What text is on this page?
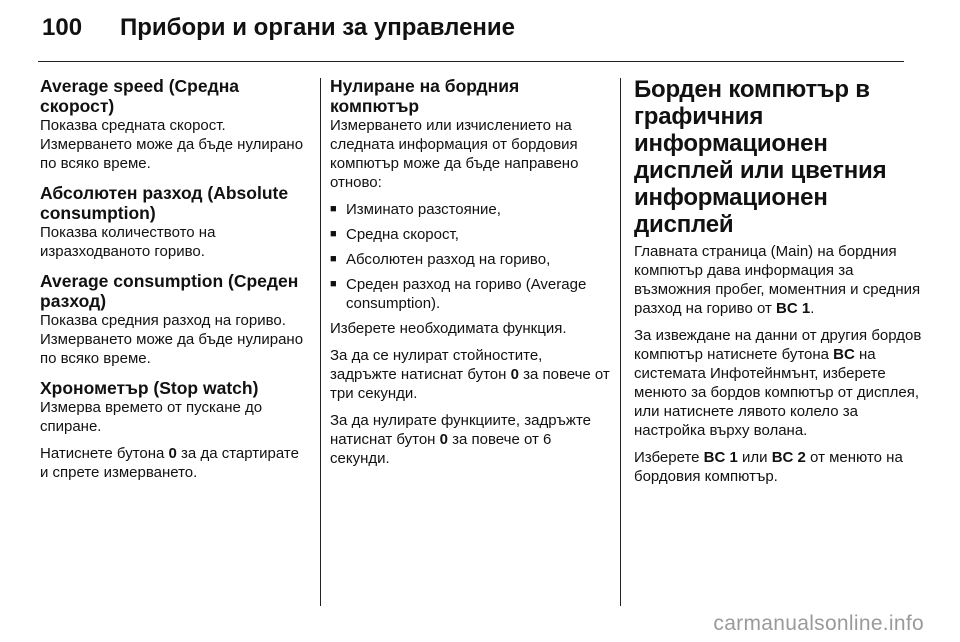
100	Прибори и органи за управление

Average speed (Средна скорост)

Показва средната скорост. Измерването може да бъде нулирано по всяко време.

Абсолютен разход (Absolute consumption)

Показва количеството на изразходваното гориво.

Average consumption (Среден разход)

Показва средния разход на гориво. Измерването може да бъде нулирано по всяко време.

Хронометър (Stop watch)

Измерва времето от пускане до спиране.

Натиснете бутона 0 за да стартирате и спрете измерването.

Нулиране на бордния компютър

Измерването или изчислението на следната информация от бордовия компютър може да бъде направено отново:

■ Изминато разстояние,
■ Средна скорост,
■ Абсолютен разход на гориво,
■ Среден разход на гориво (Average consumption).

Изберете необходимата функция.

За да се нулират стойностите, задръжте натиснат бутон 0 за повече от три секунди.

За да нулирате функциите, задръжте натиснат бутон 0 за повече от 6 секунди.

Борден компютър в графичния информационен дисплей или цветния информационен дисплей

Главната страница (Main) на бордния компютър дава информация за възможния пробег, моментния и средния разход на гориво от BC 1.

За извеждане на данни от другия бордов компютър натиснете бутона BC на системата Инфотейнмънт, изберете менюто за бордов компютър от дисплея, или натиснете лявото колело за настройка върху волана.

Изберете BC 1 или BC 2 от менюто на бордовия компютър.

carmanualsonline.info
